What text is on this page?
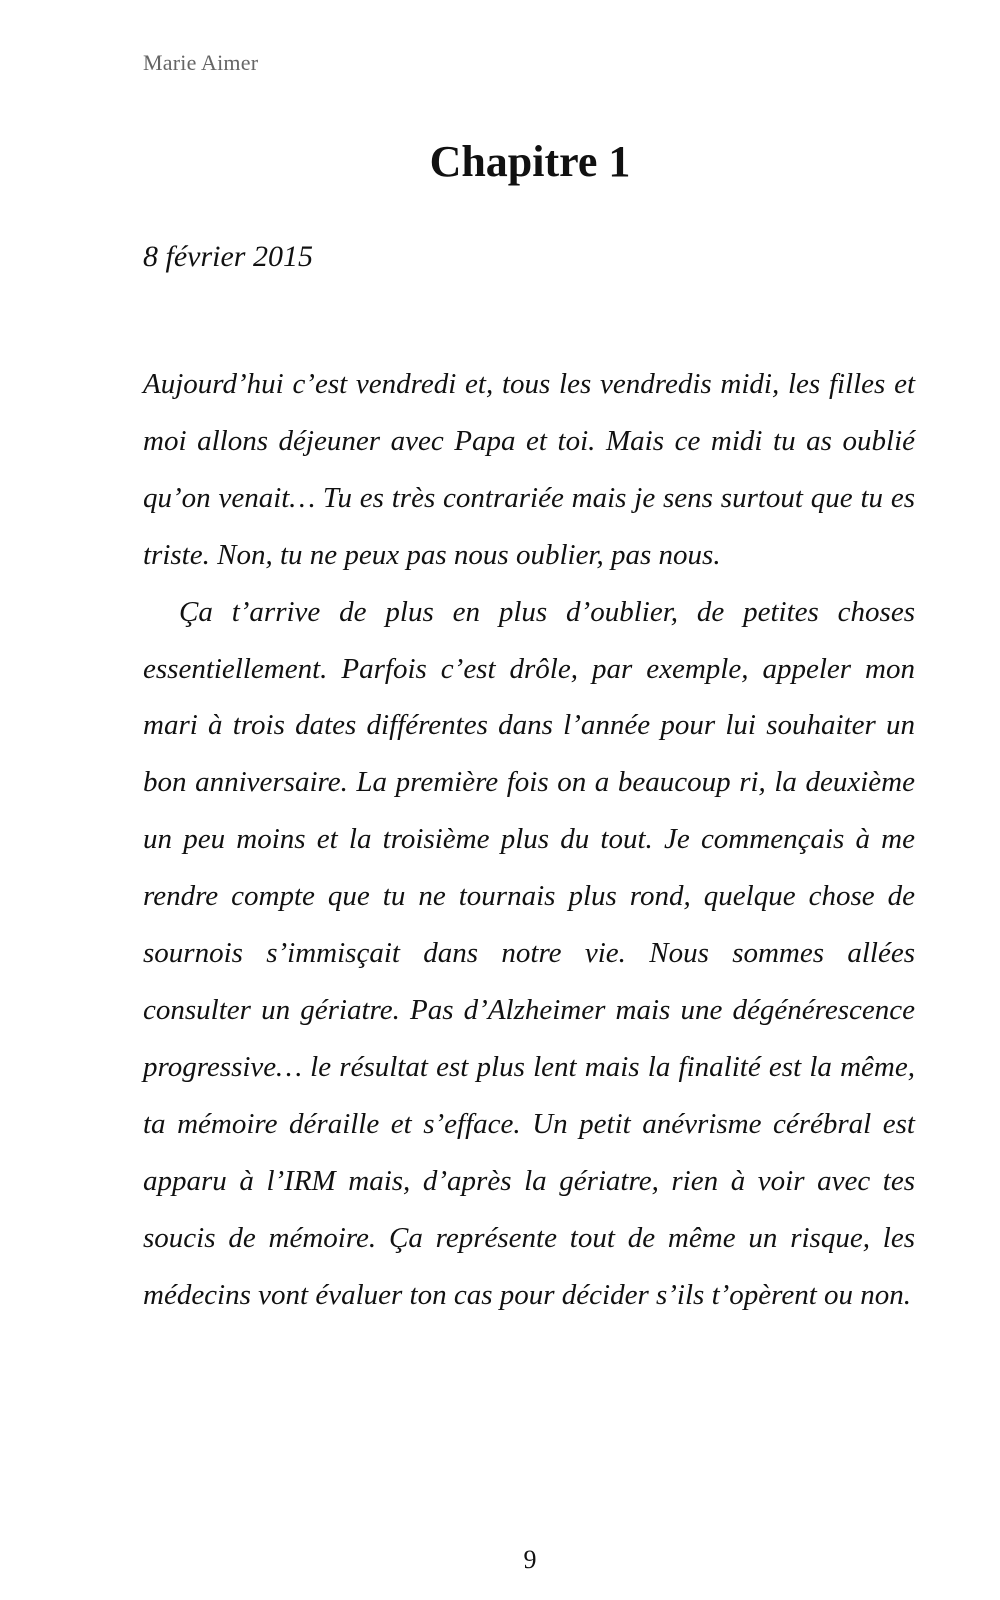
Marie Aimer
Chapitre 1
8 février 2015

Aujourd’hui c’est vendredi et, tous les vendredis midi, les filles et moi allons déjeuner avec Papa et toi. Mais ce midi tu as oublié qu’on venait… Tu es très contrariée mais je sens surtout que tu es triste. Non, tu ne peux pas nous oublier, pas nous.

Ça t’arrive de plus en plus d’oublier, de petites choses essentiellement. Parfois c’est drôle, par exemple, appeler mon mari à trois dates différentes dans l’année pour lui souhaiter un bon anniversaire. La première fois on a beaucoup ri, la deuxième un peu moins et la troisième plus du tout. Je commençais à me rendre compte que tu ne tournais plus rond, quelque chose de sournois s’immisçait dans notre vie. Nous sommes allées consulter un gériatre. Pas d’Alzheimer mais une dégénérescence progressive… le résultat est plus lent mais la finalité est la même, ta mémoire déraille et s’efface. Un petit anévrisme cérébral est apparu à l’IRM mais, d’après la gériatre, rien à voir avec tes soucis de mémoire. Ça représente tout de même un risque, les médecins vont évaluer ton cas pour décider s’ils t’opèrent ou non.

9
